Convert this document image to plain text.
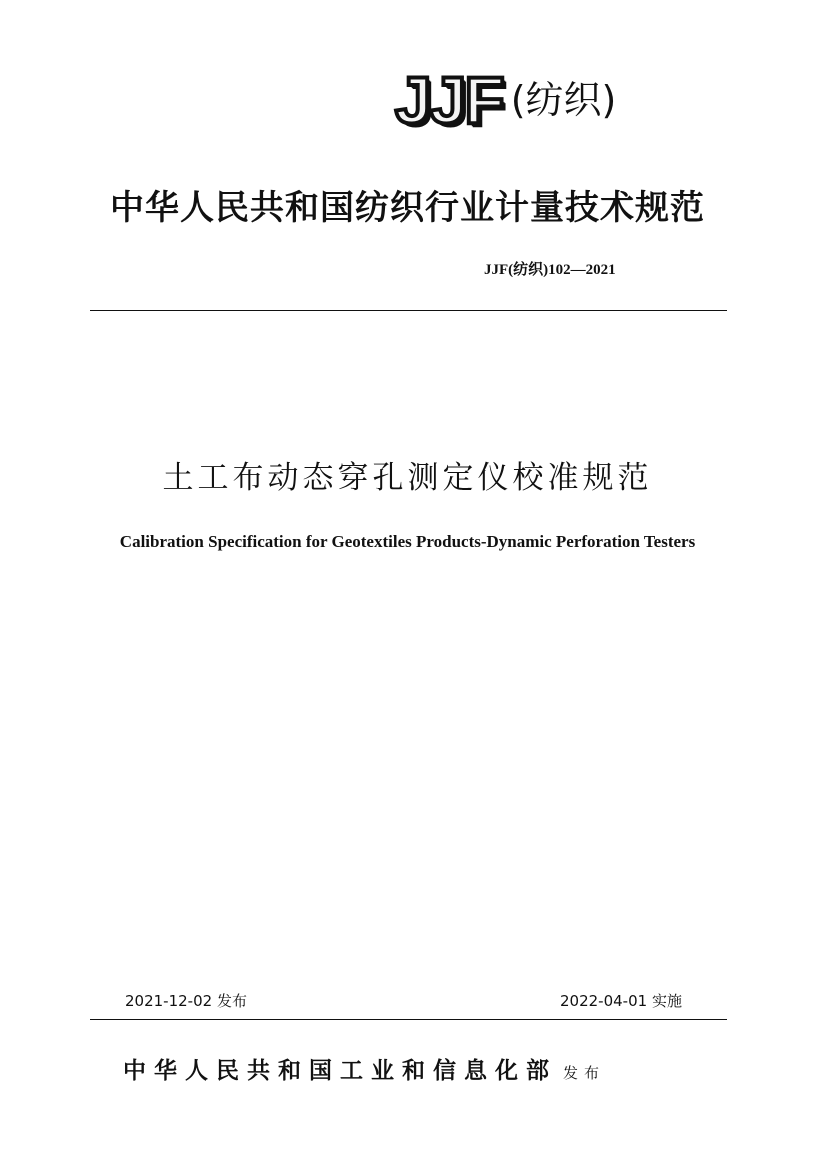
JJF (纺织)
中华人民共和国纺织行业计量技术规范
JJF(纺织)102—2021
土工布动态穿孔测定仪校准规范
Calibration Specification for Geotextiles Products-Dynamic Perforation Testers
2021-12-02 发布	2022-04-01 实施
中华人民共和国工业和信息化部 发布
